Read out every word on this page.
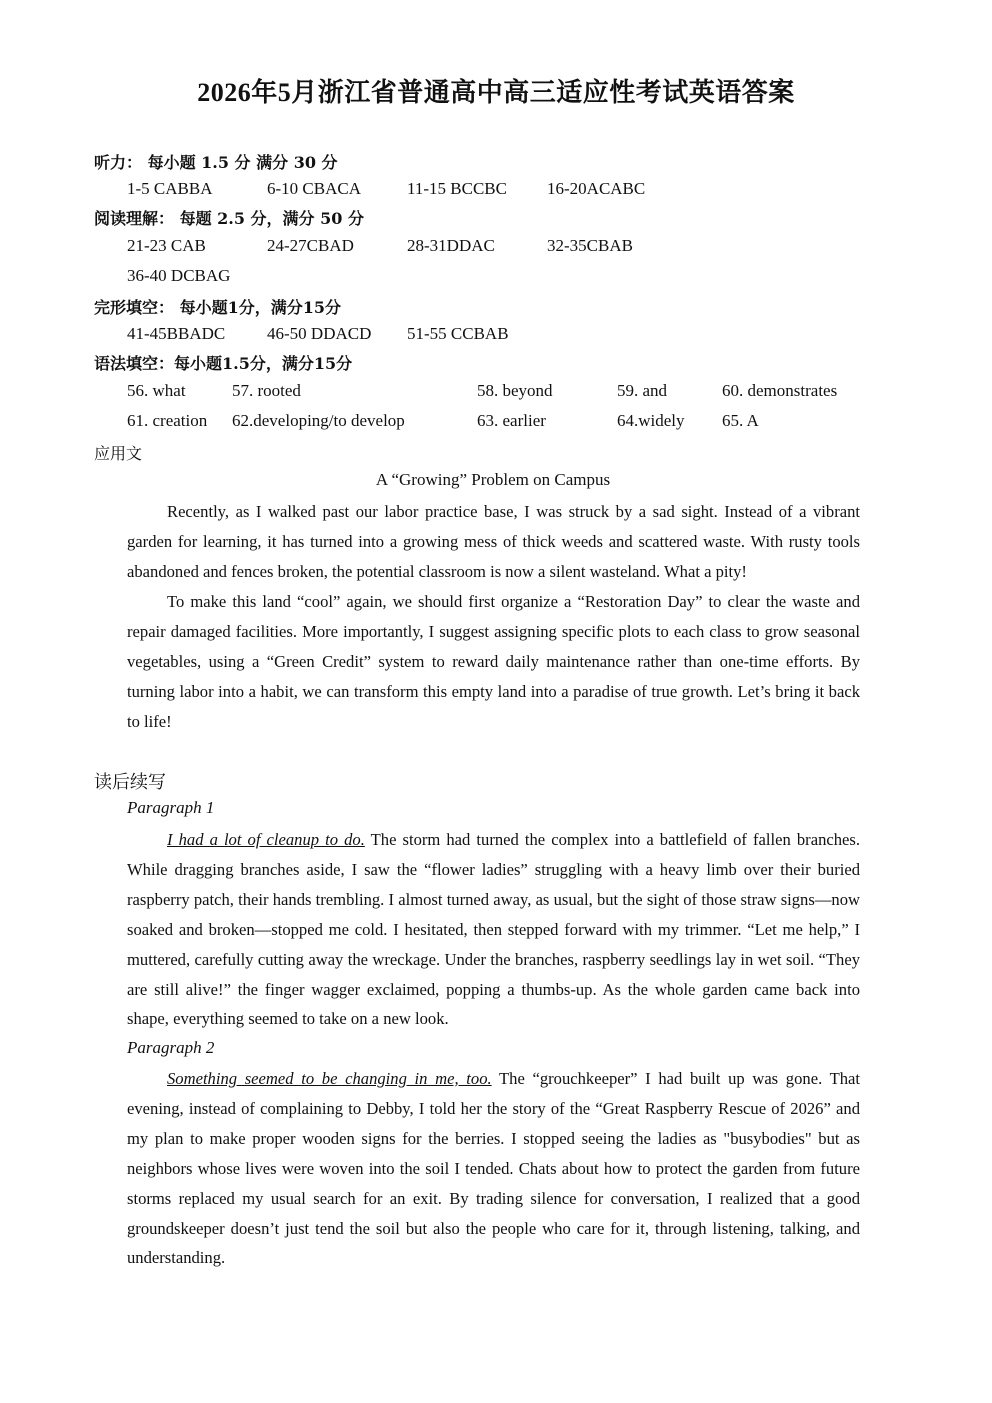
2026年5月浙江省普通高中高三适应性考试英语答案
听力： 每小题 1.5 分 满分 30 分
1-5 CABBA	6-10 CBACA	11-15 BCCBC 16-20ACABC
阅读理解： 每题 2.5 分，满分 50 分
21-23 CAB	24-27CBAD	28-31DDAC	32-35CBAB
36-40 DCBAG
完形填空： 每小题1分，满分15分
41-45BBADC 46-50 DDACD 51-55 CCBAB
语法填空：每小题1.5分，满分15分
56. what	57. rooted	58. beyond	59. and	60. demonstrates
61. creation 62.developing/to develop	63. earlier	64.widely 65. A
应用文
A “Growing” Problem on Campus

Recently, as I walked past our labor practice base, I was struck by a sad sight. Instead of a vibrant garden for learning, it has turned into a growing mess of thick weeds and scattered waste. With rusty tools abandoned and fences broken, the potential classroom is now a silent wasteland. What a pity!

To make this land “cool” again, we should first organize a “Restoration Day” to clear the waste and repair damaged facilities. More importantly, I suggest assigning specific plots to each class to grow seasonal vegetables, using a “Green Credit” system to reward daily maintenance rather than one-time efforts. By turning labor into a habit, we can transform this empty land into a paradise of true growth. Let’s bring it back to life!

读后续写
Paragraph 1

I had a lot of cleanup to do. The storm had turned the complex into a battlefield of fallen branches. While dragging branches aside, I saw the “flower ladies” struggling with a heavy limb over their buried raspberry patch, their hands trembling. I almost turned away, as usual, but the sight of those straw signs—now soaked and broken—stopped me cold. I hesitated, then stepped forward with my trimmer. “Let me help,” I muttered, carefully cutting away the wreckage. Under the branches, raspberry seedlings lay in wet soil. “They are still alive!” the finger wagger exclaimed, popping a thumbs-up. As the whole garden came back into shape, everything seemed to take on a new look.

Paragraph 2

Something seemed to be changing in me, too. The “grouchkeeper” I had built up was gone. That evening, instead of complaining to Debby, I told her the story of the “Great Raspberry Rescue of 2026” and my plan to make proper wooden signs for the berries. I stopped seeing the ladies as "busybodies" but as neighbors whose lives were woven into the soil I tended. Chats about how to protect the garden from future storms replaced my usual search for an exit. By trading silence for conversation, I realized that a good groundskeeper doesn’t just tend the soil but also the people who care for it, through listening, talking, and understanding.
